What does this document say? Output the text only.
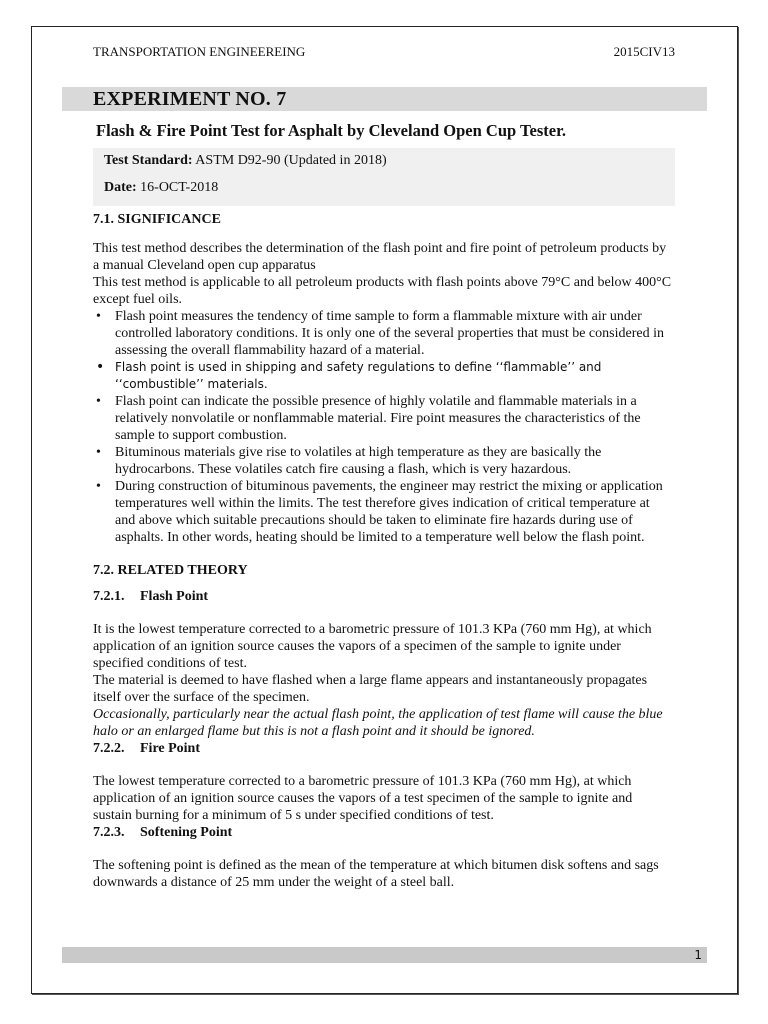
TRANSPORTATION ENGINEEREING	2015CIV13
EXPERIMENT NO. 7
Flash & Fire Point Test for Asphalt by Cleveland Open Cup Tester.
Test Standard: ASTM D92-90 (Updated in 2018)
Date: 16-OCT-2018
7.1. SIGNIFICANCE

This test method describes the determination of the flash point and fire point of petroleum products by a manual Cleveland open cup apparatus

This test method is applicable to all petroleum products with flash points above 79°C and below 400°C except fuel oils.

• Flash point measures the tendency of time sample to form a flammable mixture with air under controlled laboratory conditions. It is only one of the several properties that must be considered in assessing the overall flammability hazard of a material.
• Flash point is used in shipping and safety regulations to define ‘‘flammable’’ and ‘‘combustible’’ materials.
• Flash point can indicate the possible presence of highly volatile and flammable materials in a relatively nonvolatile or nonflammable material. Fire point measures the characteristics of the sample to support combustion.
• Bituminous materials give rise to volatiles at high temperature as they are basically the hydrocarbons. These volatiles catch fire causing a flash, which is very hazardous.
• During construction of bituminous pavements, the engineer may restrict the mixing or application temperatures well within the limits. The test therefore gives indication of critical temperature at and above which suitable precautions should be taken to eliminate fire hazards during use of asphalts. In other words, heating should be limited to a temperature well below the flash point.
7.2. RELATED THEORY
7.2.1. Flash Point

It is the lowest temperature corrected to a barometric pressure of 101.3 KPa (760 mm Hg), at which application of an ignition source causes the vapors of a specimen of the sample to ignite under specified conditions of test.

The material is deemed to have flashed when a large flame appears and instantaneously propagates itself over the surface of the specimen.

Occasionally, particularly near the actual flash point, the application of test flame will cause the blue halo or an enlarged flame but this is not a flash point and it should be ignored.

7.2.2. Fire Point

The lowest temperature corrected to a barometric pressure of 101.3 KPa (760 mm Hg), at which application of an ignition source causes the vapors of a test specimen of the sample to ignite and sustain burning for a minimum of 5 s under specified conditions of test.

7.2.3. Softening Point

The softening point is defined as the mean of the temperature at which bitumen disk softens and sags downwards a distance of 25 mm under the weight of a steel ball.

1
